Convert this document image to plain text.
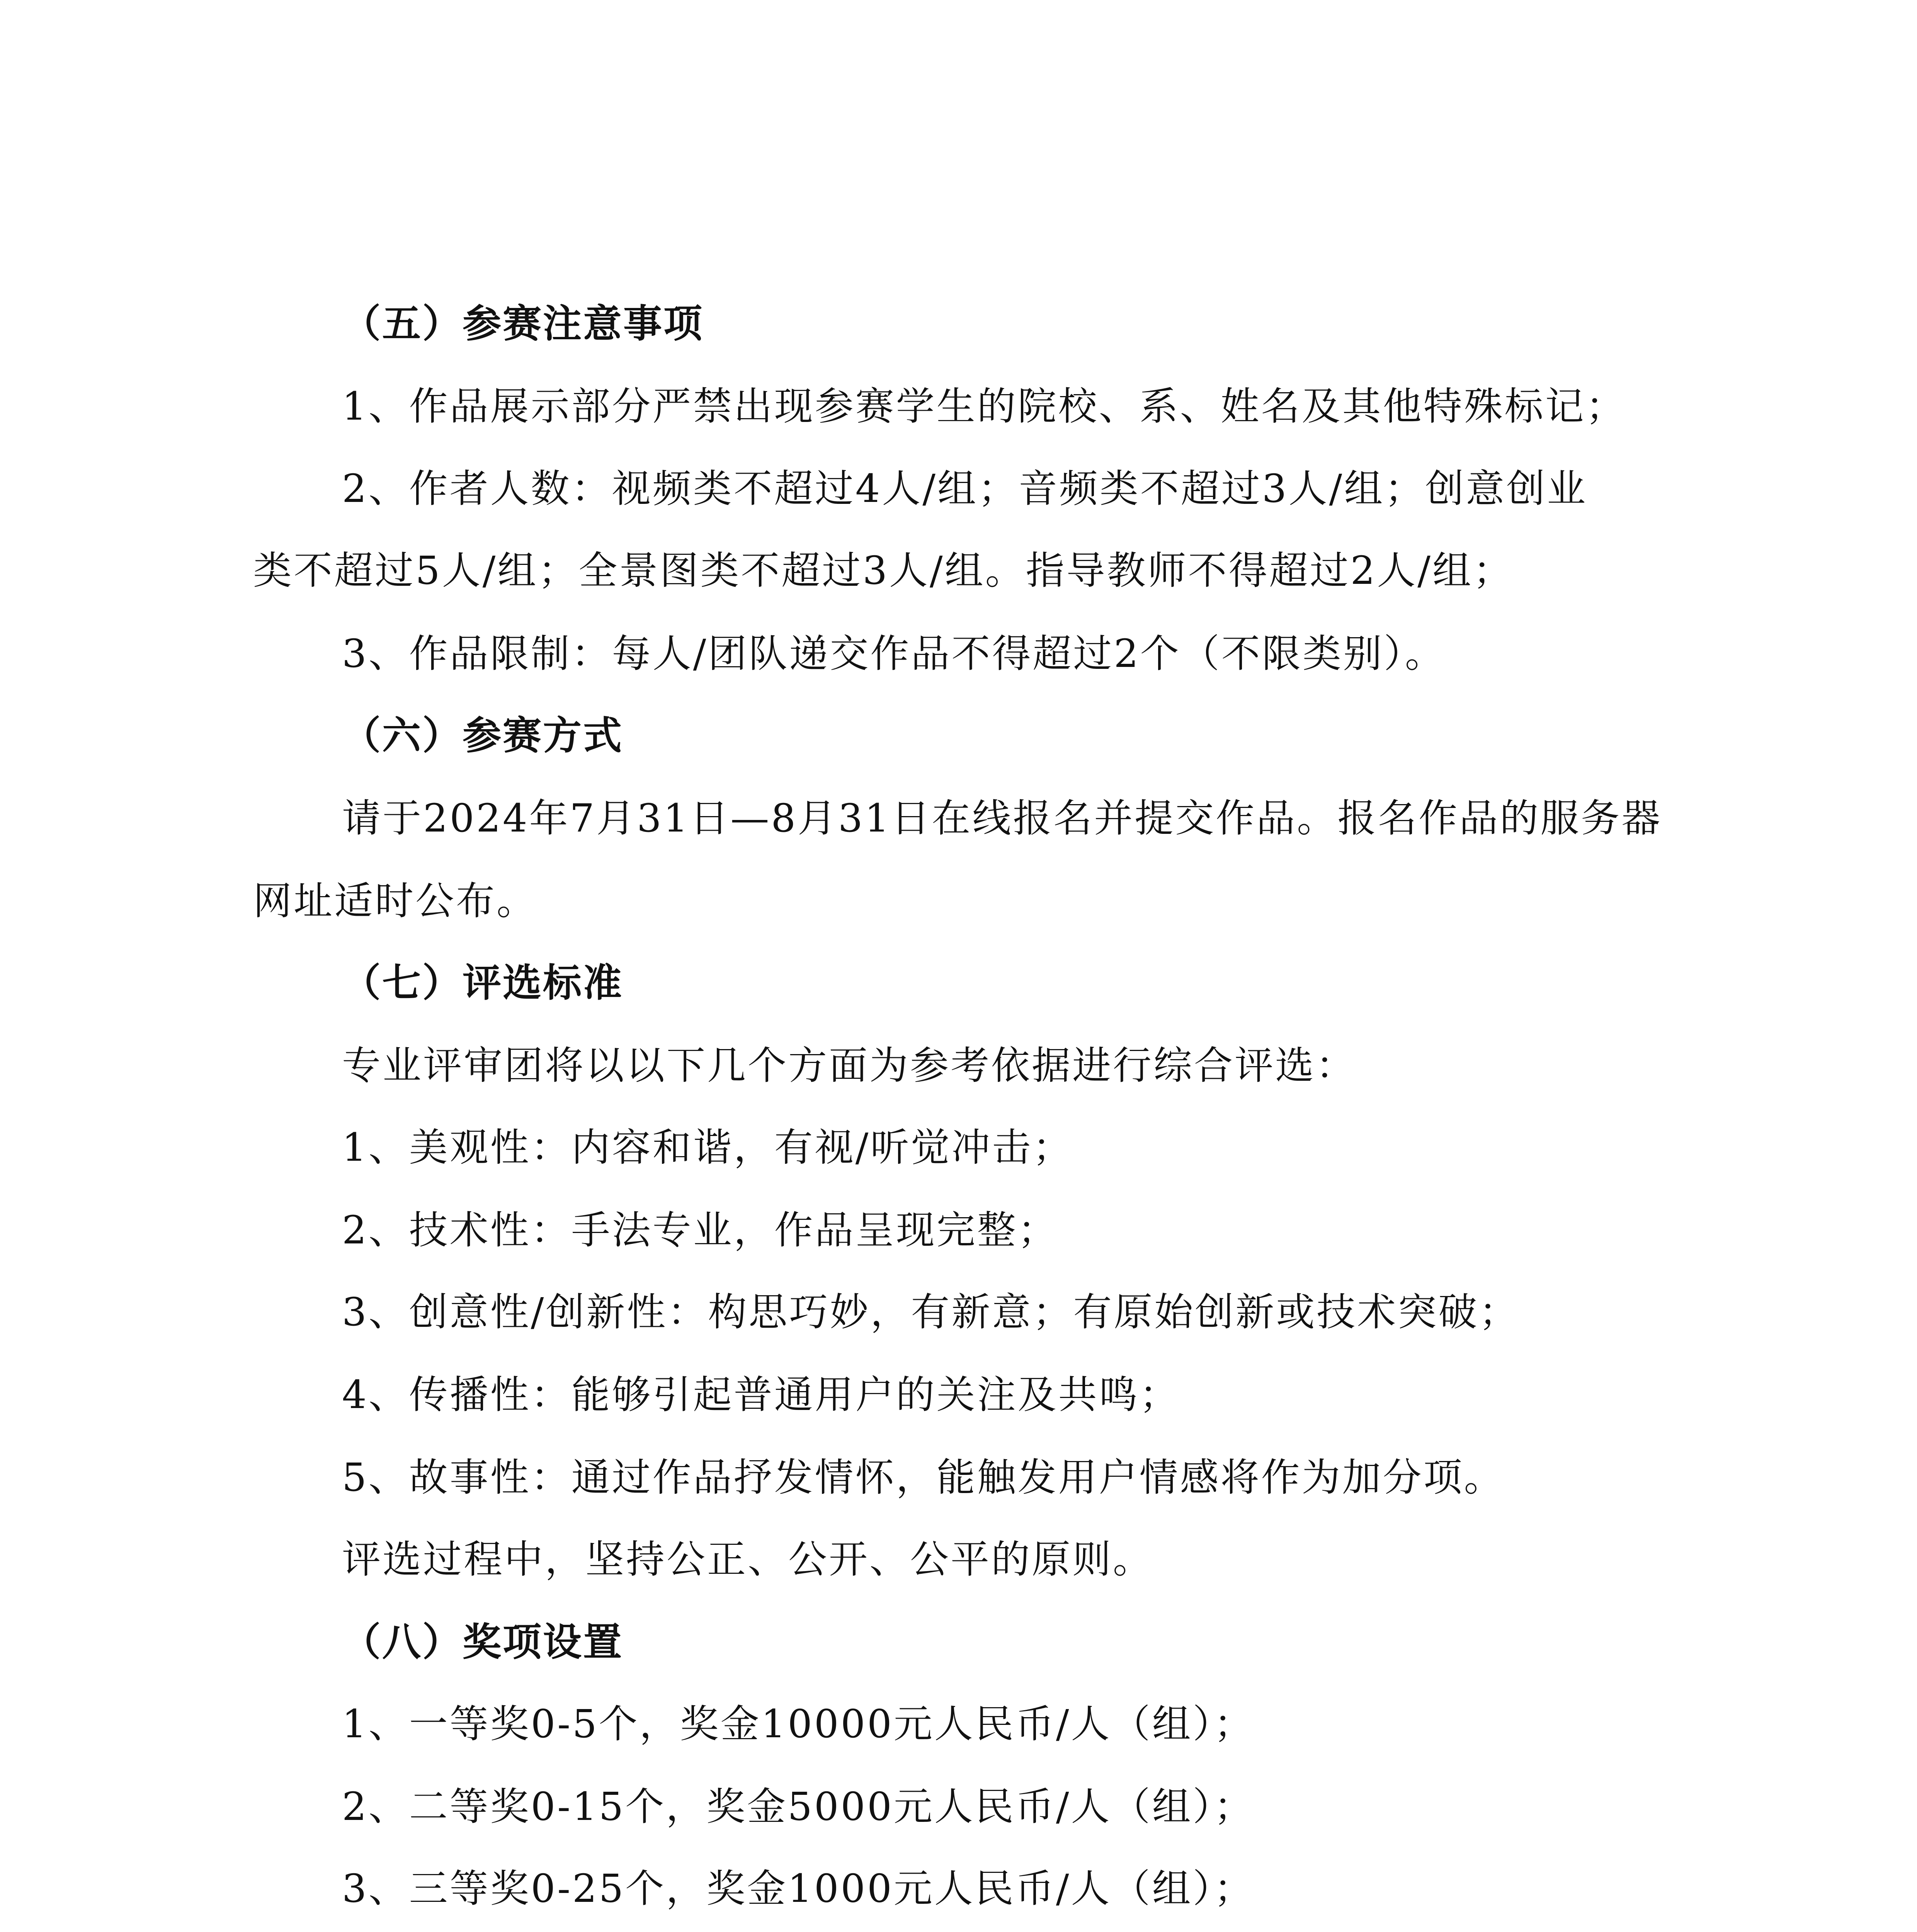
（五）参赛注意事项
1、作品展示部分严禁出现参赛学生的院校、系、姓名及其他特殊标记；
2、作者人数：视频类不超过4人/组；音频类不超过3人/组；创意创业
类不超过5人/组；全景图类不超过3人/组。指导教师不得超过2人/组；
3、作品限制：每人/团队递交作品不得超过2个（不限类别）。
（六）参赛方式
请于2024年7月31日—8月31日在线报名并提交作品。报名作品的服务器
网址适时公布。
（七）评选标准
专业评审团将以以下几个方面为参考依据进行综合评选：
1、美观性：内容和谐，有视/听觉冲击；
2、技术性：手法专业，作品呈现完整；
3、创意性/创新性：构思巧妙，有新意；有原始创新或技术突破；
4、传播性：能够引起普通用户的关注及共鸣；
5、故事性：通过作品抒发情怀，能触发用户情感将作为加分项。
评选过程中，坚持公正、公开、公平的原则。
（八）奖项设置
1、一等奖0-5个，奖金10000元人民币/人（组）；
2、二等奖0-15个，奖金5000元人民币/人（组）；
3、三等奖0-25个，奖金1000元人民币/人（组）；
